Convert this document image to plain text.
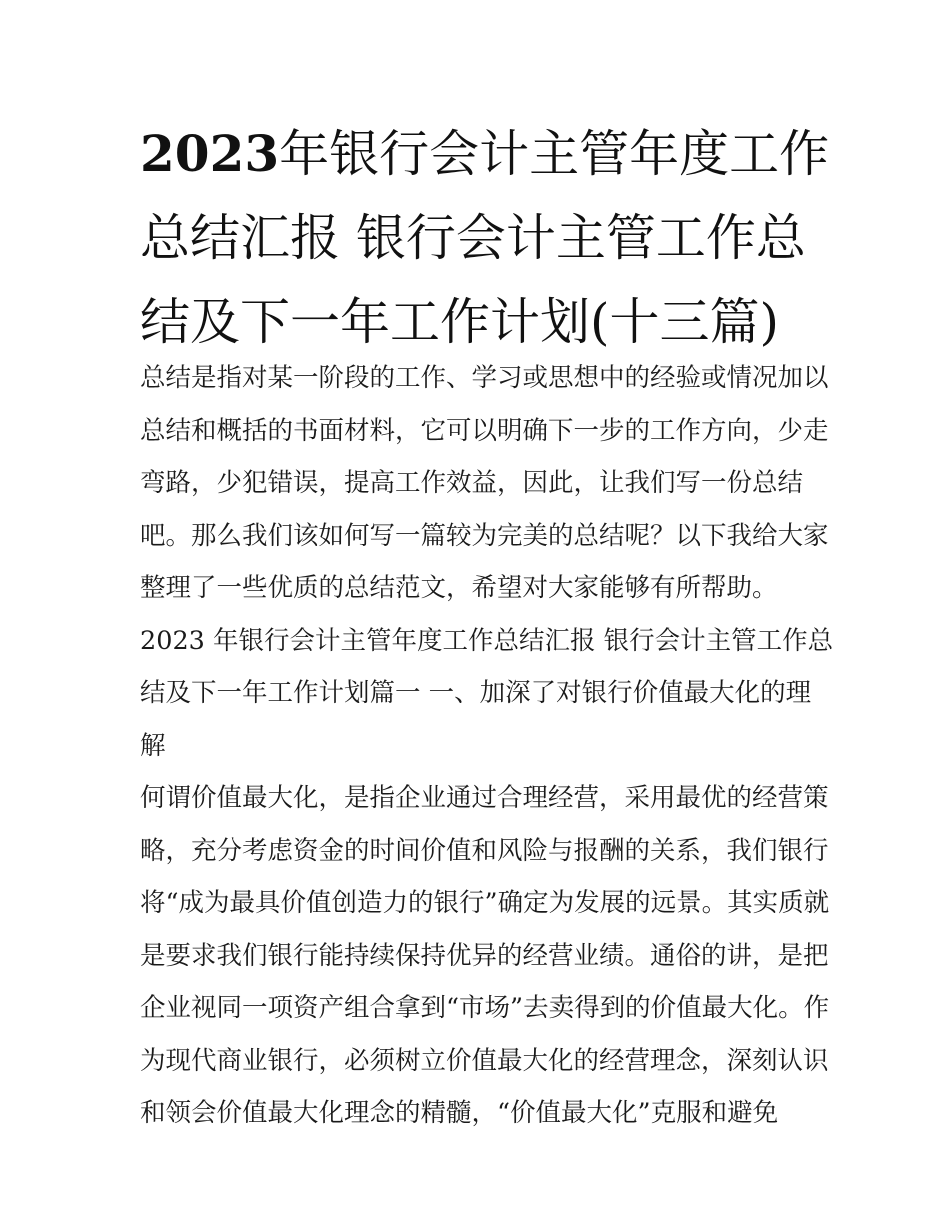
2023年银行会计主管年度工作
总结汇报 银行会计主管工作总
结及下一年工作计划(十三篇)
总结是指对某一阶段的工作、学习或思想中的经验或情况加以
总结和概括的书面材料，它可以明确下一步的工作方向，少走
弯路，少犯错误，提高工作效益，因此，让我们写一份总结
吧。那么我们该如何写一篇较为完美的总结呢？以下我给大家
整理了一些优质的总结范文，希望对大家能够有所帮助。
2023 年银行会计主管年度工作总结汇报 银行会计主管工作总
结及下一年工作计划篇一 一、加深了对银行价值最大化的理
解
何谓价值最大化，是指企业通过合理经营，采用最优的经营策
略，充分考虑资金的时间价值和风险与报酬的关系，我们银行
将“成为最具价值创造力的银行”确定为发展的远景。其实质就
是要求我们银行能持续保持优异的经营业绩。通俗的讲，是把
企业视同一项资产组合拿到“市场”去卖得到的价值最大化。作
为现代商业银行，必须树立价值最大化的经营理念，深刻认识
和领会价值最大化理念的精髓，“价值最大化”克服和避免
